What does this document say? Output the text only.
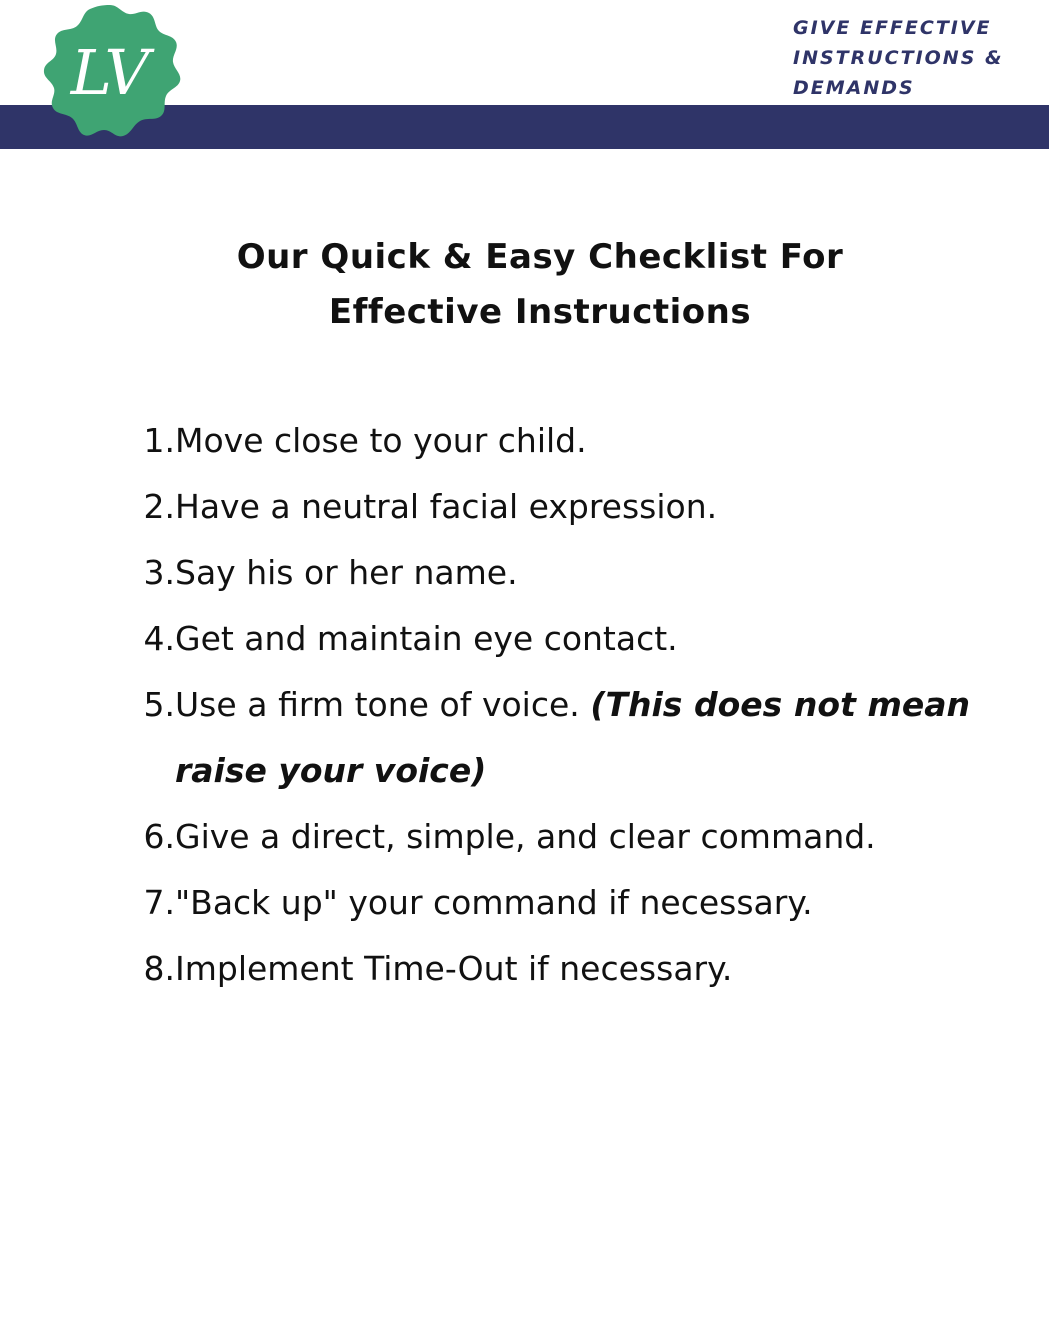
LV
GIVE EFFECTIVE
INSTRUCTIONS &
DEMANDS
Our Quick & Easy Checklist For
Effective Instructions
1. Move close to your child.
2. Have a neutral facial expression.
3. Say his or her name.
4. Get and maintain eye contact.
5. Use a firm tone of voice. (This does not mean raise your voice)
6. Give a direct, simple, and clear command.
7. "Back up" your command if necessary.
8. Implement Time-Out if necessary.
